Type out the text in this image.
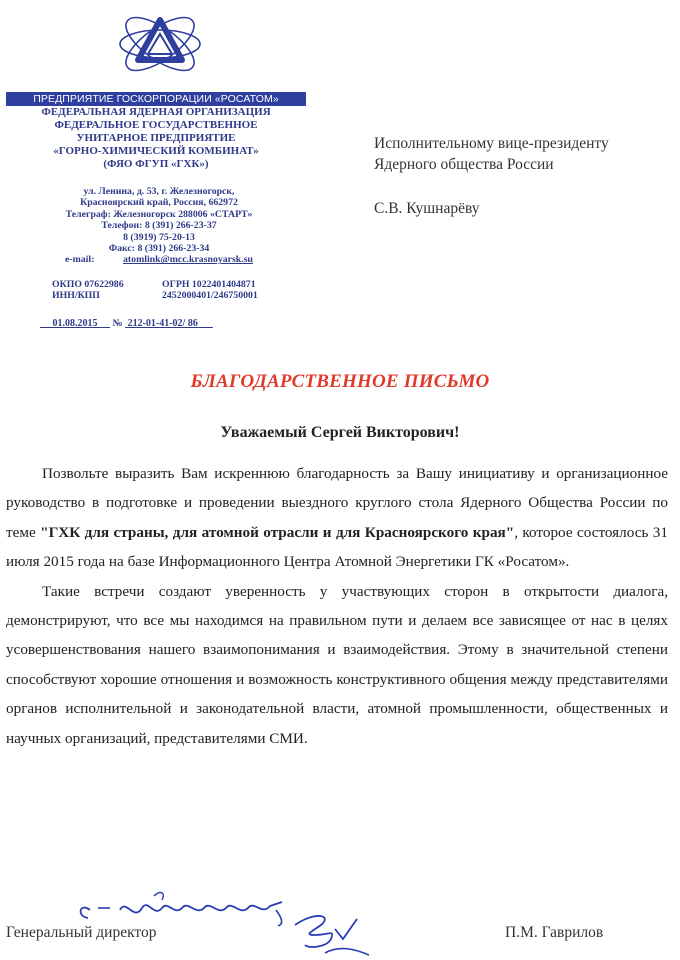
ПРЕДПРИЯТИЕ ГОСКОРПОРАЦИИ «РОСАТОМ»
ФЕДЕРАЛЬНАЯ ЯДЕРНАЯ ОРГАНИЗАЦИЯ
ФЕДЕРАЛЬНОЕ ГОСУДАРСТВЕННОЕ
УНИТАРНОЕ ПРЕДПРИЯТИЕ
«ГОРНО-ХИМИЧЕСКИЙ КОМБИНАТ»
(ФЯО ФГУП «ГХК»)
ул. Ленина, д. 53, г. Железногорск,
Красноярский край, Россия, 662972
Телеграф: Железногорск 288006 «СТАРТ»
Телефон: 8 (391) 266-23-37
8 (3919) 75-20-13
Факс: 8 (391) 266-23-34
e-mail:	atomlink@mcc.krasnoyarsk.su
ОКПО 07622986	ОГРН 1022401404871
ИНН/КПП	2452000401/246750001
01.08.2015 № 212-01-41-02/ 86
Исполнительному вице-президенту
Ядерного общества России
С.В. Кушнарёву
БЛАГОДАРСТВЕННОЕ ПИСЬМО
Уважаемый Сергей Викторович!

Позвольте выразить Вам искреннюю благодарность за Вашу инициативу и организационное руководство в подготовке и проведении выездного круглого стола Ядерного Общества России по теме "ГХК для страны, для атомной отрасли и для Красноярского края", которое состоялось 31 июля 2015 года на базе Информационного Центра Атомной Энергетики ГК «Росатом».

Такие встречи создают уверенность у участвующих сторон в открытости диалога, демонстрируют, что все мы находимся на правильном пути и делаем все зависящее от нас в целях усовершенствования нашего взаимопонимания и взаимодействия. Этому в значительной степени способствуют хорошие отношения и возможность конструктивного общения между представителями органов исполнительной и законодательной власти, атомной промышленности, общественных и научных организаций, представителями СМИ.

Генеральный директор	П.М. Гаврилов
